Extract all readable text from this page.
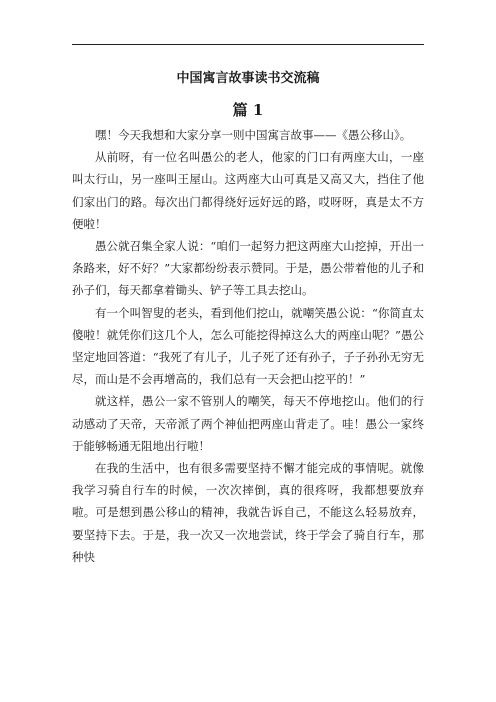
中国寓言故事读书交流稿
篇 1

嘿！今天我想和大家分享一则中国寓言故事——《愚公移山》。

从前呀，有一位名叫愚公的老人，他家的门口有两座大山，一座叫太行山，另一座叫王屋山。这两座大山可真是又高又大，挡住了他们家出门的路。每次出门都得绕好远好远的路，哎呀呀，真是太不方便啦！

愚公就召集全家人说：“咱们一起努力把这两座大山挖掉，开出一条路来，好不好？”大家都纷纷表示赞同。于是，愚公带着他的儿子和孙子们，每天都拿着锄头、铲子等工具去挖山。

有一个叫智叟的老头，看到他们挖山，就嘲笑愚公说：“你简直太傻啦！就凭你们这几个人，怎么可能挖得掉这么大的两座山呢？”愚公坚定地回答道：“我死了有儿子，儿子死了还有孙子，子子孙孙无穷无尽，而山是不会再增高的，我们总有一天会把山挖平的！”

就这样，愚公一家不管别人的嘲笑，每天不停地挖山。他们的行动感动了天帝，天帝派了两个神仙把两座山背走了。哇！愚公一家终于能够畅通无阻地出行啦！

在我的生活中，也有很多需要坚持不懈才能完成的事情呢。就像我学习骑自行车的时候，一次次摔倒，真的很疼呀，我都想要放弃啦。可是想到愚公移山的精神，我就告诉自己，不能这么轻易放弃，要坚持下去。于是，我一次又一次地尝试，终于学会了骑自行车，那种快
